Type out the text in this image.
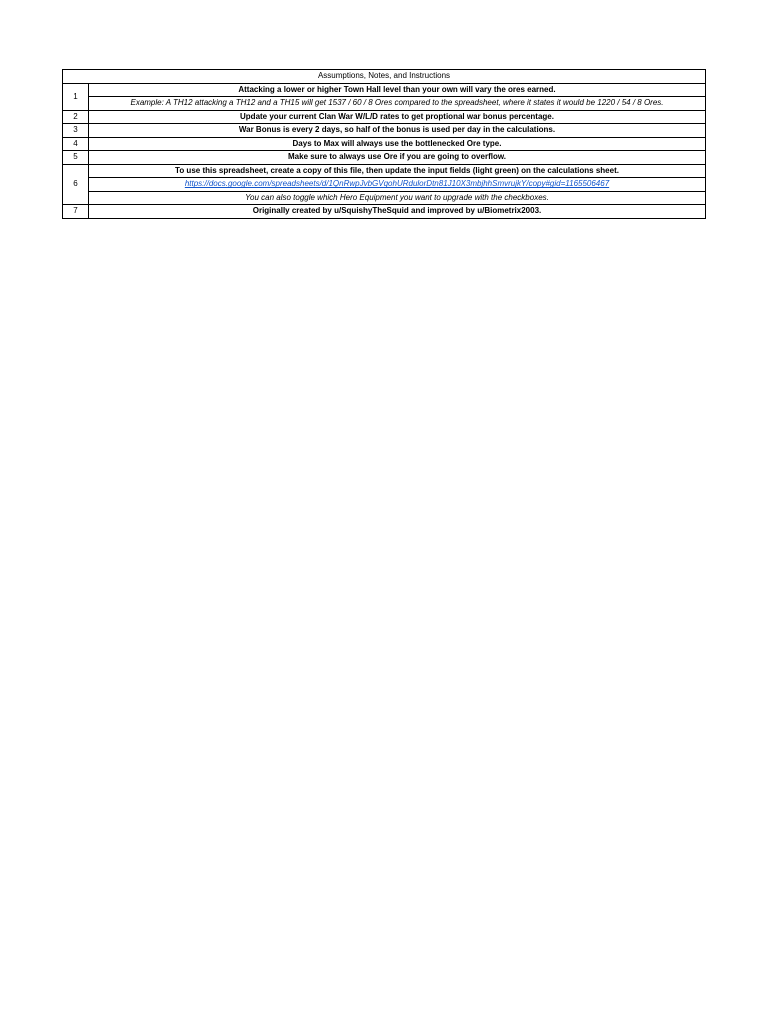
Assumptions, Notes, and Instructions	
1	Attacking a lower or higher Town Hall level than your own will vary the ores earned.
	Example: A TH12 attacking a TH12 and a TH15 will get 1537 / 60 / 8 Ores compared to the spreadsheet, where it states it would be 1220 / 54 / 8 Ores.
2	Update your current Clan War W/L/D rates to get proptional war bonus percentage.
3	War Bonus is every 2 days, so half of the bonus is used per day in the calculations.
4	Days to Max will always use the bottlenecked Ore type.
5	Make sure to always use Ore if you are going to overflow.
6	To use this spreadsheet, create a copy of this file, then update the input fields (light green) on the calculations sheet.
	https://docs.google.com/spreadsheets/d/1QnRwpJvbGVqohURdulorDtn81J10X3mbjhhSmvrujkY/copy#gid=1165506467
	You can also toggle which Hero Equipment you want to upgrade with the checkboxes.
7	Originally created by u/SquishyTheSquid and improved by u/Biometrix2003.
